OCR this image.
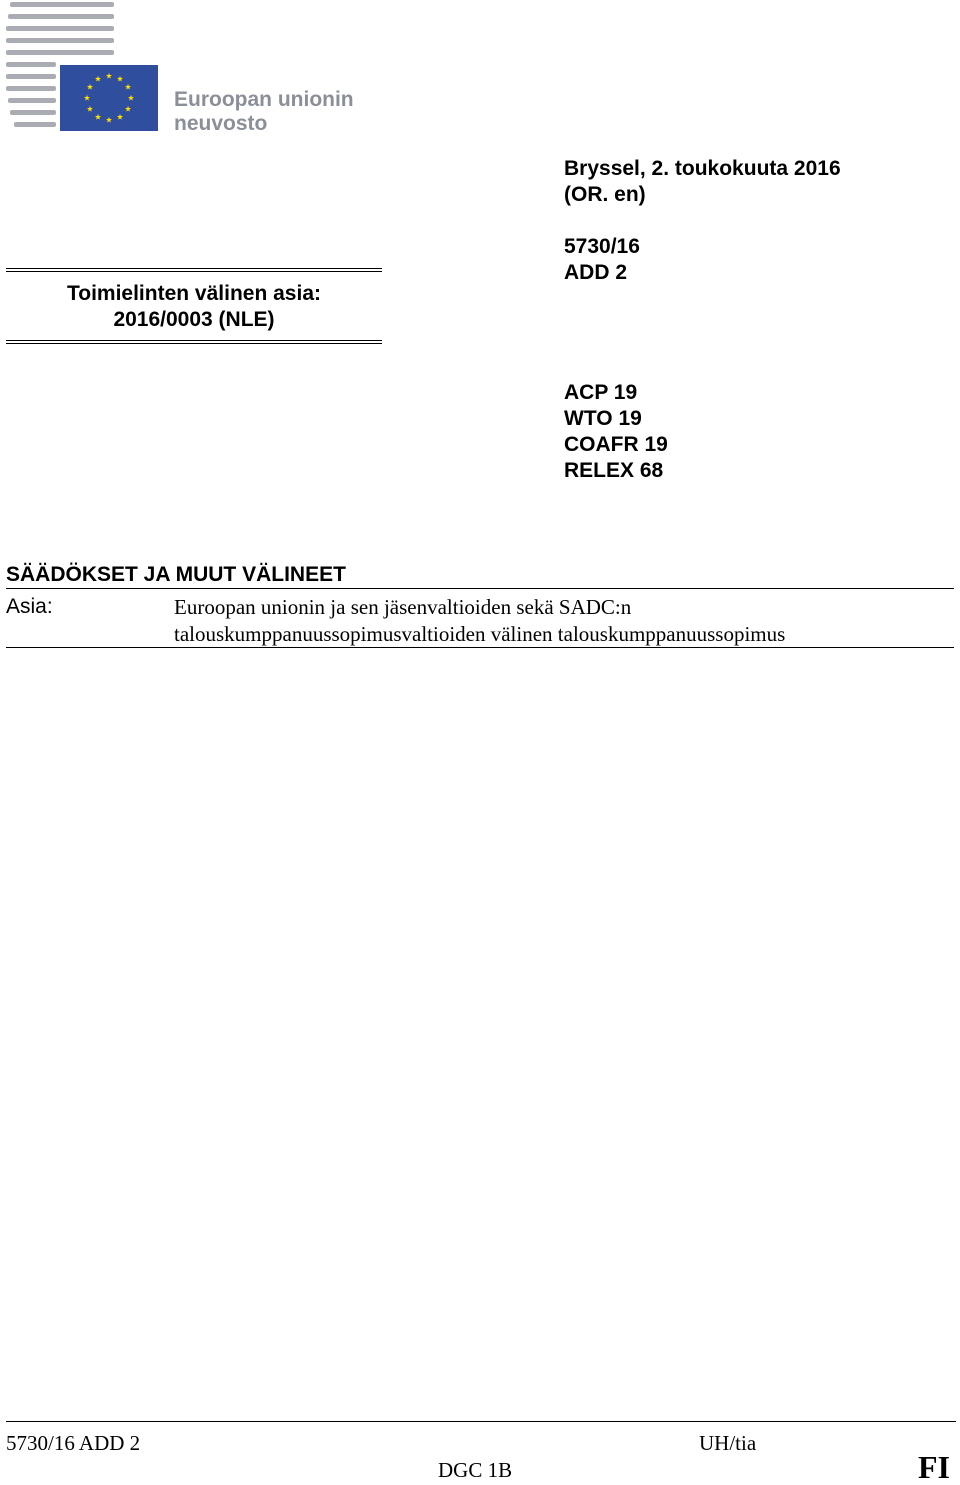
Euroopan unionin
neuvosto
Bryssel, 2. toukokuuta 2016
(OR. en)
5730/16
ADD 2
ACP 19
WTO 19
COAFR 19
RELEX 68
Toimielinten välinen asia:
2016/0003 (NLE)
SÄÄDÖKSET JA MUUT VÄLINEET
Asia:	Euroopan unionin ja sen jäsenvaltioiden sekä SADC:n
talouskumppanuussopimusvaltioiden välinen talouskumppanuussopimus
5730/16 ADD 2	UH/tia
DGC 1B	FI
